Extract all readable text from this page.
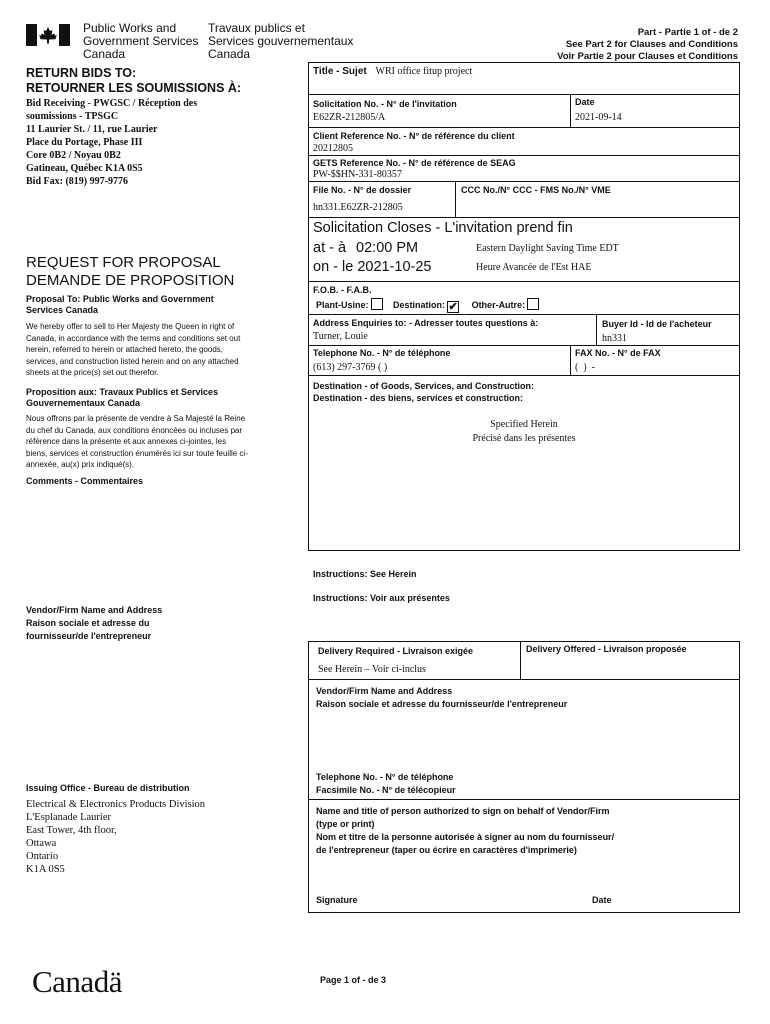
Public Works and
Government Services
Canada
Travaux publics et
Services gouvernementaux
Canada
Part - Partie 1 of - de 2
See Part 2 for Clauses and Conditions
Voir Partie 2 pour Clauses et Conditions
RETURN BIDS TO:
RETOURNER LES SOUMISSIONS À:
Bid Receiving - PWGSC / Réception des
soumissions - TPSGC
11 Laurier St. / 11, rue Laurier
Place du Portage, Phase III
Core 0B2 / Noyau 0B2
Gatineau, Québec K1A 0S5
Bid Fax: (819) 997-9776
REQUEST FOR PROPOSAL
DEMANDE DE PROPOSITION
Proposal To: Public Works and Government Services Canada
We hereby offer to sell to Her Majesty the Queen in right of Canada, in accordance with the terms and conditions set out herein, referred to herein or attached hereto, the goods, services, and construction listed herein and on any attached sheets at the price(s) set out therefor.
Proposition aux: Travaux Publics et Services Gouvernementaux Canada
Nous offrons par la présente de vendre à Sa Majesté la Reine du chef du Canada, aux conditions énoncées ou incluses par référence dans la présente et aux annexes ci-jointes, les biens, services et construction énumérés ici sur toute feuille ci-annexée, au(x) prix indiqué(s).
Comments - Commentaires
Vendor/Firm Name and Address
Raison sociale et adresse du
fournisseur/de l'entrepreneur
Issuing Office - Bureau de distribution
Electrical & Electronics Products Division
L'Esplanade Laurier
East Tower, 4th floor,
Ottawa
Ontario
K1A 0S5
Title - Sujet WRI office fitup project
Solicitation No. - N° de l'invitation
E62ZR-212805/A
Date
2021-09-14
Client Reference No. - N° de référence du client
20212805
GETS Reference No. - N° de référence de SEAG
PW-$$HN-331-80357
File No. - N° de dossier
hn331.E62ZR-212805
CCC No./N° CCC - FMS No./N° VME
Solicitation Closes - L'invitation prend fin
at - à 02:00 PM
on - le 2021-10-25
Eastern Daylight Saving Time EDT
Heure Avancée de l'Est HAE
F.O.B. - F.A.B.
Plant-Usine:	Destination: ✔ Other-Autre:
Address Enquiries to: - Adresser toutes questions à:
Turner, Louie
Buyer Id - Id de l'acheteur
hn331
Telephone No. - N° de téléphone
(613) 297-3769 ( )
FAX No. - N° de FAX
(  )  -
Destination - of Goods, Services, and Construction:
Destination - des biens, services et construction:
Specified Herein
Précisé dans les présentes
Instructions: See Herein
Instructions: Voir aux présentes
Delivery Required - Livraison exigée
See Herein – Voir ci-inclus
Delivery Offered - Livraison proposée
Vendor/Firm Name and Address
Raison sociale et adresse du fournisseur/de l'entrepreneur
Telephone No. - N° de téléphone
Facsimile No. - N° de télécopieur
Name and title of person authorized to sign on behalf of Vendor/Firm
(type or print)
Nom et titre de la personne autorisée à signer au nom du fournisseur/
de l'entrepreneur (taper ou écrire en caractères d'imprimerie)
Signature	Date
Canadä	Page 1 of - de 3
